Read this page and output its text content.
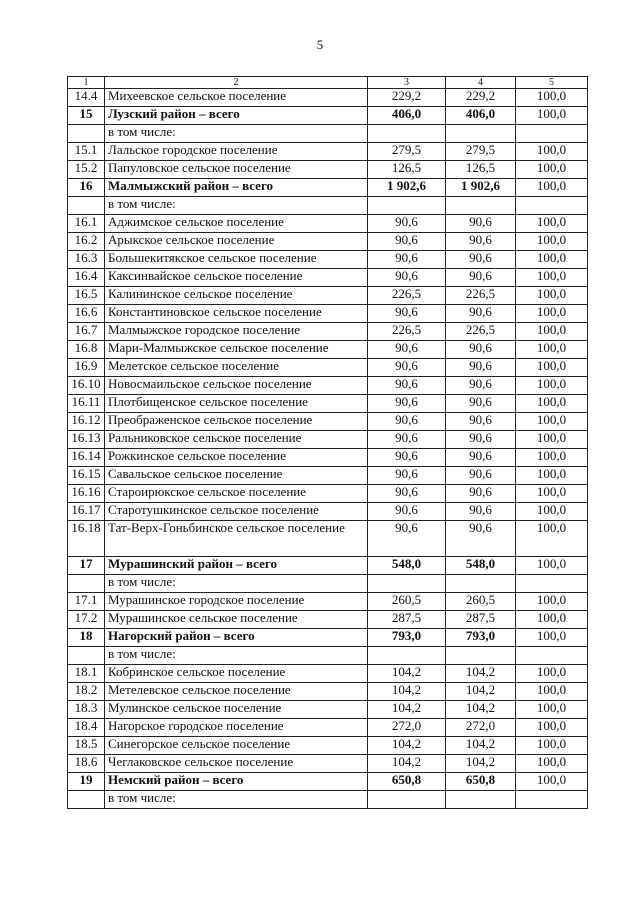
5
1	2	3	4	5
14.4	Михеевское сельское поселение	229,2	229,2	100,0
15	Лузский район – всего	406,0	406,0	100,0
	в том числе:			
15.1	Лальское городское поселение	279,5	279,5	100,0
15.2	Папуловское сельское поселение	126,5	126,5	100,0
16	Малмыжский район – всего	1 902,6	1 902,6	100,0
	в том числе:			
16.1	Аджимское сельское поселение	90,6	90,6	100,0
16.2	Арыкское сельское поселение	90,6	90,6	100,0
16.3	Большекитякское сельское поселение	90,6	90,6	100,0
16.4	Каксинвайское сельское поселение	90,6	90,6	100,0
16.5	Калининское сельское поселение	226,5	226,5	100,0
16.6	Константиновское сельское поселение	90,6	90,6	100,0
16.7	Малмыжское городское поселение	226,5	226,5	100,0
16.8	Мари-Малмыжское сельское поселение	90,6	90,6	100,0
16.9	Мелетское сельское поселение	90,6	90,6	100,0
16.10	Новосмаильское сельское поселение	90,6	90,6	100,0
16.11	Плотбищенское сельское поселение	90,6	90,6	100,0
16.12	Преображенское сельское поселение	90,6	90,6	100,0
16.13	Ральниковское сельское поселение	90,6	90,6	100,0
16.14	Рожкинское сельское поселение	90,6	90,6	100,0
16.15	Савальское сельское поселение	90,6	90,6	100,0
16.16	Староирюкское сельское поселение	90,6	90,6	100,0
16.17	Старотушкинское сельское поселение	90,6	90,6	100,0
16.18	Тат-Верх-Гоньбинское сельское поселение	90,6	90,6	100,0
17	Мурашинский район – всего	548,0	548,0	100,0
	в том числе:			
17.1	Мурашинское городское поселение	260,5	260,5	100,0
17.2	Мурашинское сельское поселение	287,5	287,5	100,0
18	Нагорский район – всего	793,0	793,0	100,0
	в том числе:			
18.1	Кобринское сельское поселение	104,2	104,2	100,0
18.2	Метелевское сельское поселение	104,2	104,2	100,0
18.3	Мулинское сельское поселение	104,2	104,2	100,0
18.4	Нагорское городское поселение	272,0	272,0	100,0
18.5	Синегорское сельское поселение	104,2	104,2	100,0
18.6	Чеглаковское сельское поселение	104,2	104,2	100,0
19	Немский район – всего	650,8	650,8	100,0
	в том числе:			
